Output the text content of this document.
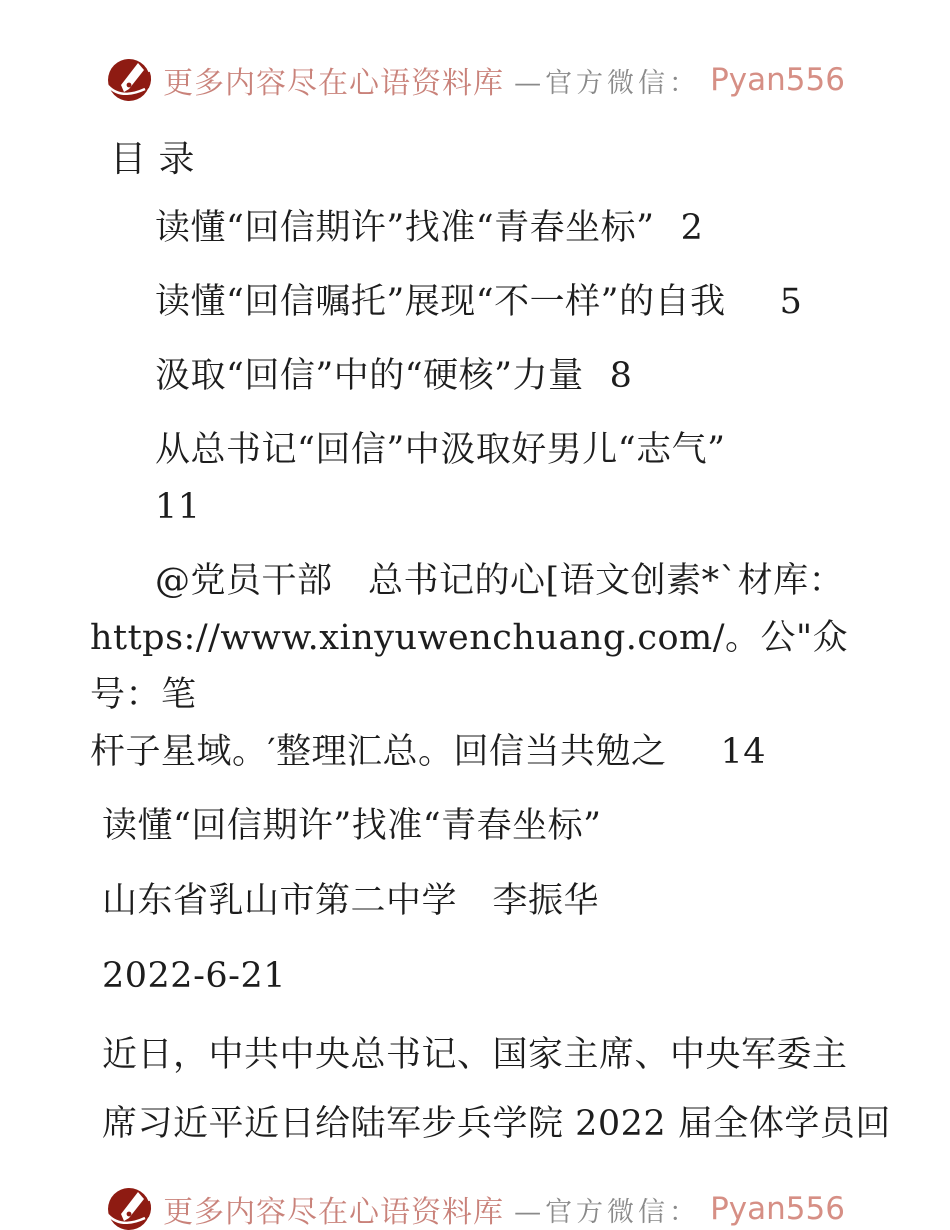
更多内容尽在心语资料库 —官方微信： Pyan556
目 录
读懂“回信期许”找准“青春坐标” 2
读懂“回信嘱托”展现“不一样”的自我 5
汲取“回信”中的“硬核”力量 8
从总书记“回信”中汲取好男儿“志气”
11
@党员干部　总书记的心[语文创素*`材库：
https://www.xinyuwenchuang.com/。公"众号：笔
杆子星域。′整理汇总。回信当共勉之 14
读懂“回信期许”找准“青春坐标”
山东省乳山市第二中学　李振华
2022-6-21
近日，中共中央总书记、国家主席、中央军委主
席习近平近日给陆军步兵学院 2022 届全体学员回
更多内容尽在心语资料库 —官方微信： Pyan556
